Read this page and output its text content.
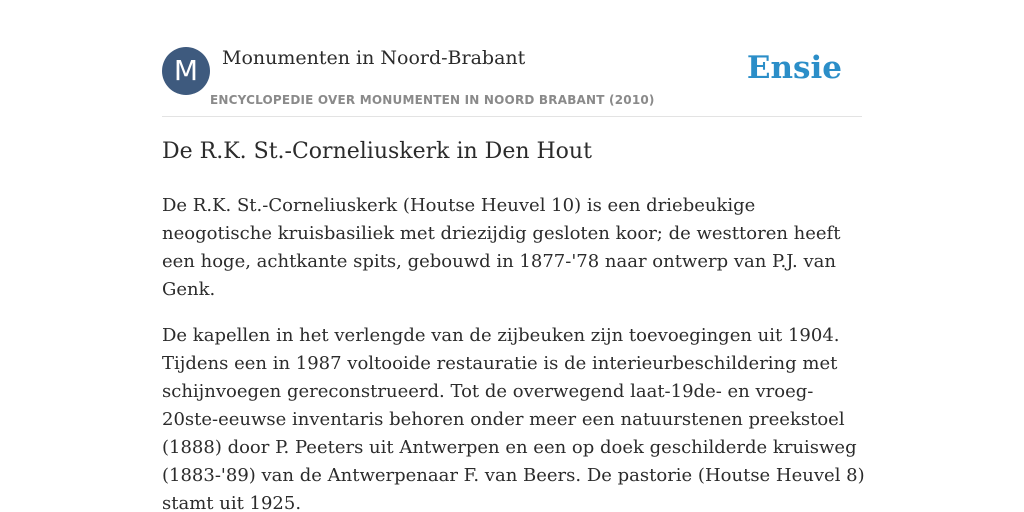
M	Monumenten in Noord-Brabant
ENCYCLOPEDIE OVER MONUMENTEN IN NOORD BRABANT (2010)
Ensie
De R.K. St.-Corneliuskerk in Den Hout

De R.K. St.-Corneliuskerk (Houtse Heuvel 10) is een driebeukige neogotische kruisbasiliek met driezijdig gesloten koor; de westtoren heeft een hoge, achtkante spits, gebouwd in 1877-'78 naar ontwerp van P.J. van Genk.

De kapellen in het verlengde van de zijbeuken zijn toevoegingen uit 1904. Tijdens een in 1987 voltooide restauratie is de interieurbeschildering met schijnvoegen gereconstrueerd. Tot de overwegend laat-19de- en vroeg-20ste-eeuwse inventaris behoren onder meer een natuurstenen preekstoel (1888) door P. Peeters uit Antwerpen en een op doek geschilderde kruisweg (1883-'89) van de Antwerpenaar F. van Beers. De pastorie (Houtse Heuvel 8) stamt uit 1925.
